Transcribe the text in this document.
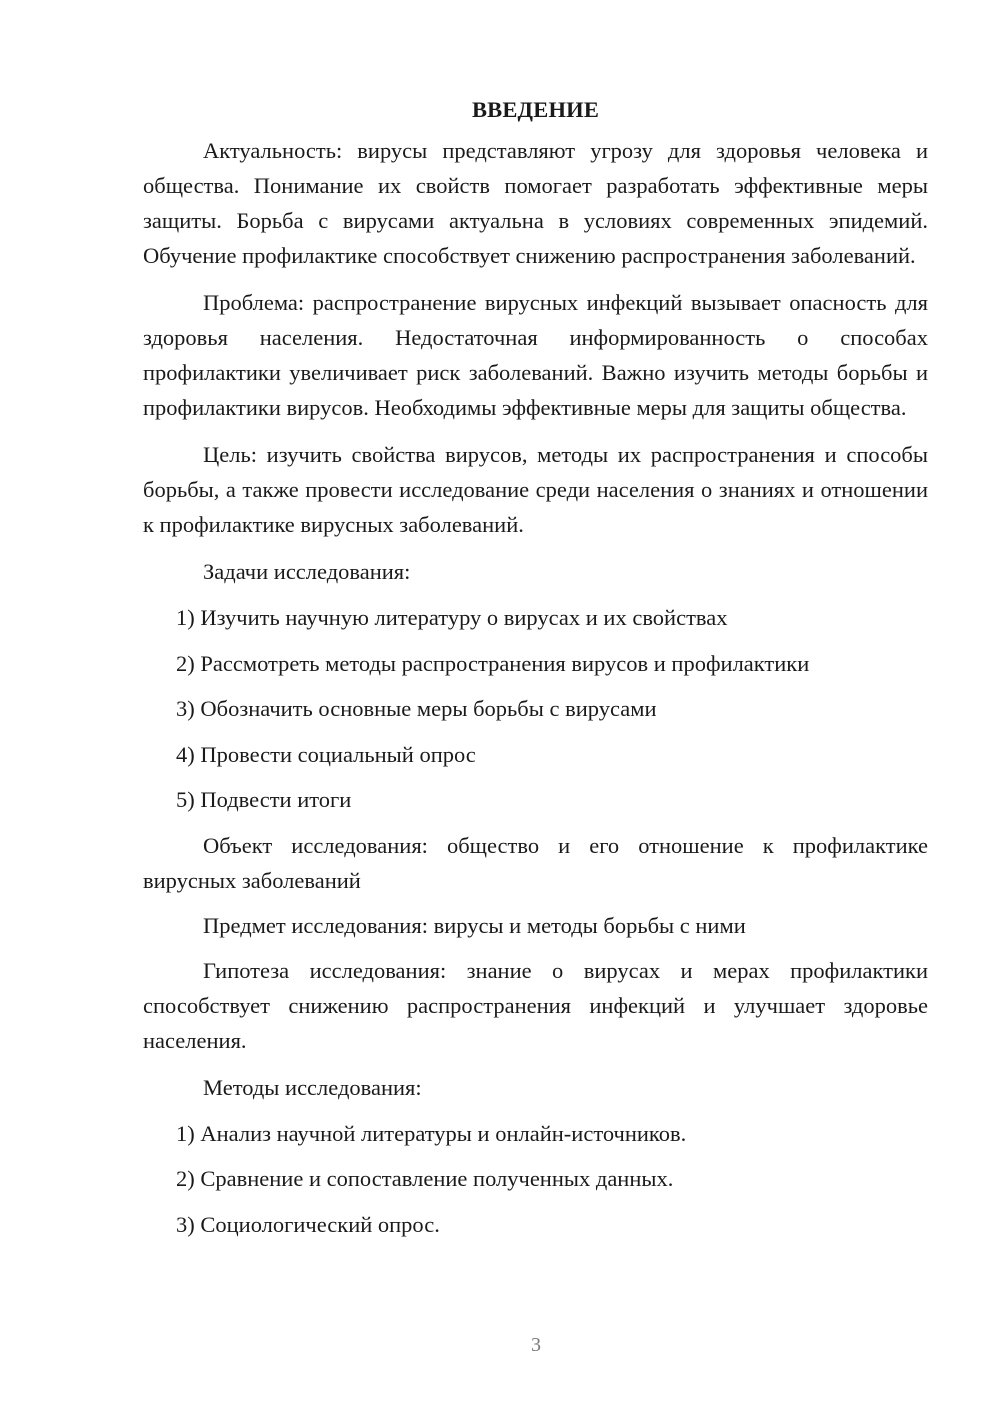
ВВЕДЕНИЕ

Актуальность: вирусы представляют угрозу для здоровья человека и общества. Понимание их свойств помогает разработать эффективные меры защиты. Борьба с вирусами актуальна в условиях современных эпидемий. Обучение профилактике способствует снижению распространения заболеваний.

Проблема: распространение вирусных инфекций вызывает опасность для здоровья населения. Недостаточная информированность о способах профилактики увеличивает риск заболеваний. Важно изучить методы борьбы и профилактики вирусов. Необходимы эффективные меры для защиты общества.

Цель: изучить свойства вирусов, методы их распространения и способы борьбы, а также провести исследование среди населения о знаниях и отношении к профилактике вирусных заболеваний.

Задачи исследования:

1) Изучить научную литературу о вирусах и их свойствах
2) Рассмотреть методы распространения вирусов и профилактики
3) Обозначить основные меры борьбы с вирусами
4) Провести социальный опрос
5) Подвести итоги

Объект исследования: общество и его отношение к профилактике вирусных заболеваний

Предмет исследования: вирусы и методы борьбы с ними

Гипотеза исследования: знание о вирусах и мерах профилактики способствует снижению распространения инфекций и улучшает здоровье населения.

Методы исследования:

1) Анализ научной литературы и онлайн-источников.
2) Сравнение и сопоставление полученных данных.
3) Социологический опрос.
3
